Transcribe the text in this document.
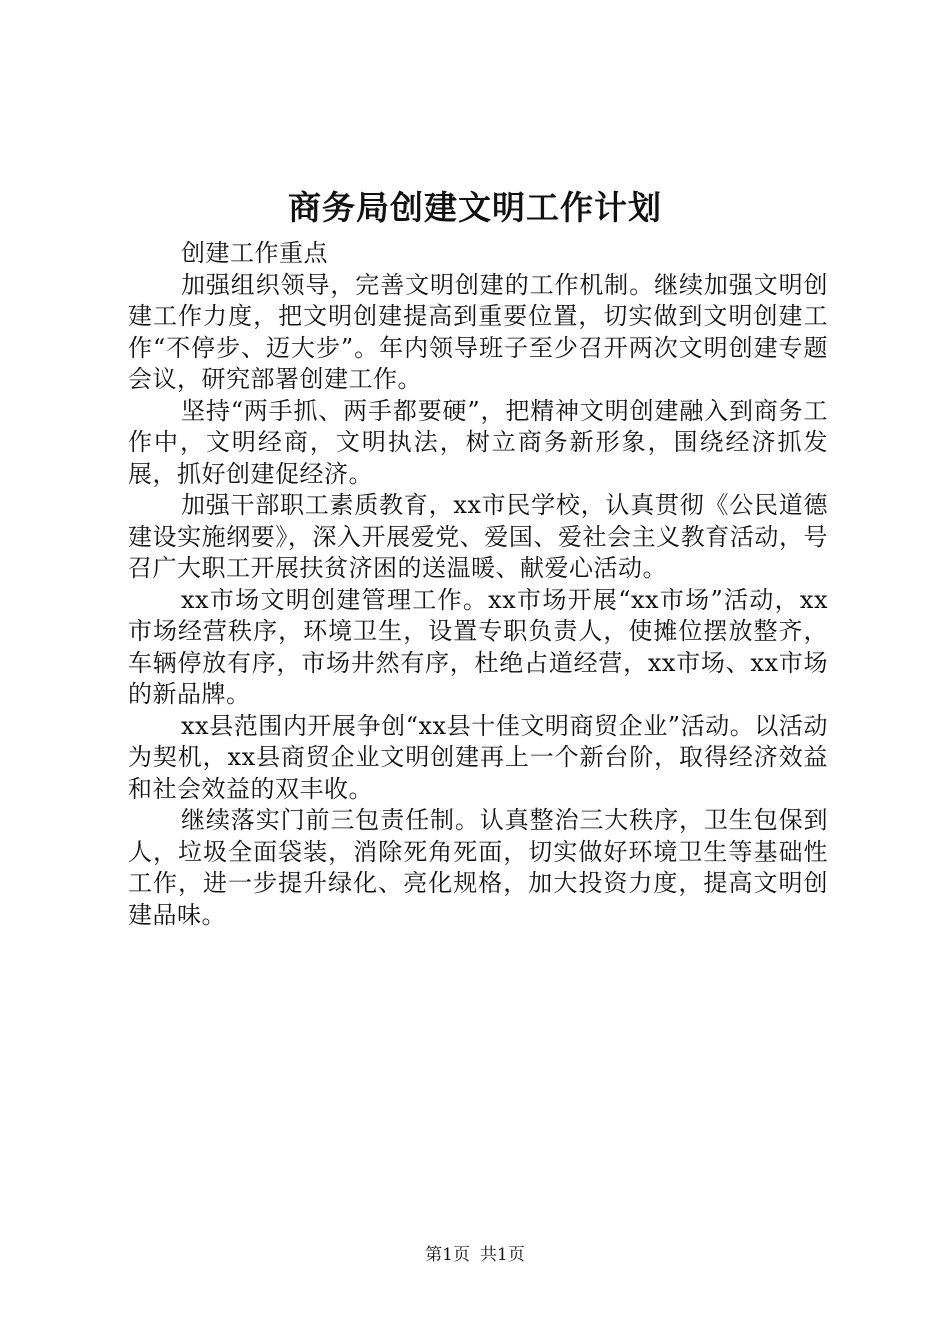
商务局创建文明工作计划

创建工作重点

加强组织领导，完善文明创建的工作机制。继续加强文明创建工作力度，把文明创建提高到重要位置，切实做到文明创建工作“不停步、迈大步”。年内领导班子至少召开两次文明创建专题会议，研究部署创建工作。

坚持“两手抓、两手都要硬”，把精神文明创建融入到商务工作中，文明经商，文明执法，树立商务新形象，围绕经济抓发展，抓好创建促经济。

加强干部职工素质教育，xx市民学校，认真贯彻《公民道德建设实施纲要》，深入开展爱党、爱国、爱社会主义教育活动，号召广大职工开展扶贫济困的送温暖、献爱心活动。

xx市场文明创建管理工作。xx市场开展“xx市场”活动，xx市场经营秩序，环境卫生，设置专职负责人，使摊位摆放整齐，车辆停放有序，市场井然有序，杜绝占道经营，xx市场、xx市场的新品牌。

xx县范围内开展争创“xx县十佳文明商贸企业”活动。以活动为契机，xx县商贸企业文明创建再上一个新台阶，取得经济效益和社会效益的双丰收。

继续落实门前三包责任制。认真整治三大秩序，卫生包保到人，垃圾全面袋装，消除死角死面，切实做好环境卫生等基础性工作，进一步提升绿化、亮化规格，加大投资力度，提高文明创建品味。

第1页 共1页
